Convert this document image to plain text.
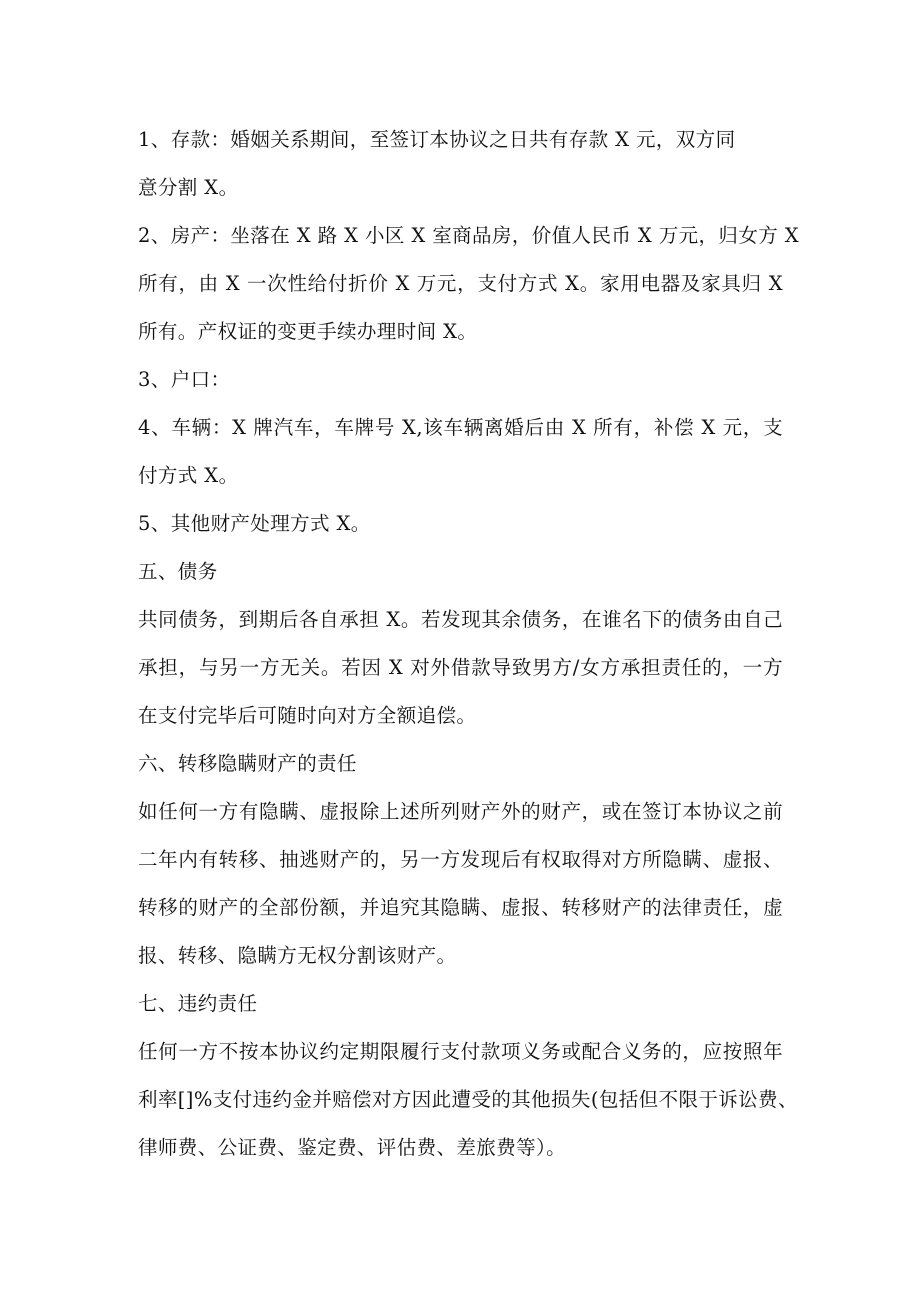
1、存款：婚姻关系期间，至签订本协议之日共有存款 X 元，双方同
意分割 X。
2、房产：坐落在 X 路 X 小区 X 室商品房，价值人民币 X 万元，归女方 X
所有，由 X 一次性给付折价 X 万元，支付方式 X。家用电器及家具归 X
所有。产权证的变更手续办理时间 X。
3、户口：
4、车辆：X 牌汽车，车牌号 X,该车辆离婚后由 X 所有，补偿 X 元，支
付方式 X。
5、其他财产处理方式 X。
五、债务
共同债务，到期后各自承担 X。若发现其余债务，在谁名下的债务由自己
承担，与另一方无关。若因 X 对外借款导致男方/女方承担责任的，一方
在支付完毕后可随时向对方全额追偿。
六、转移隐瞒财产的责任
如任何一方有隐瞒、虚报除上述所列财产外的财产，或在签订本协议之前
二年内有转移、抽逃财产的，另一方发现后有权取得对方所隐瞒、虚报、
转移的财产的全部份额，并追究其隐瞒、虚报、转移财产的法律责任，虚
报、转移、隐瞒方无权分割该财产。
七、违约责任
任何一方不按本协议约定期限履行支付款项义务或配合义务的，应按照年
利率[]%支付违约金并赔偿对方因此遭受的其他损失(包括但不限于诉讼费、
律师费、公证费、鉴定费、评估费、差旅费等）。
